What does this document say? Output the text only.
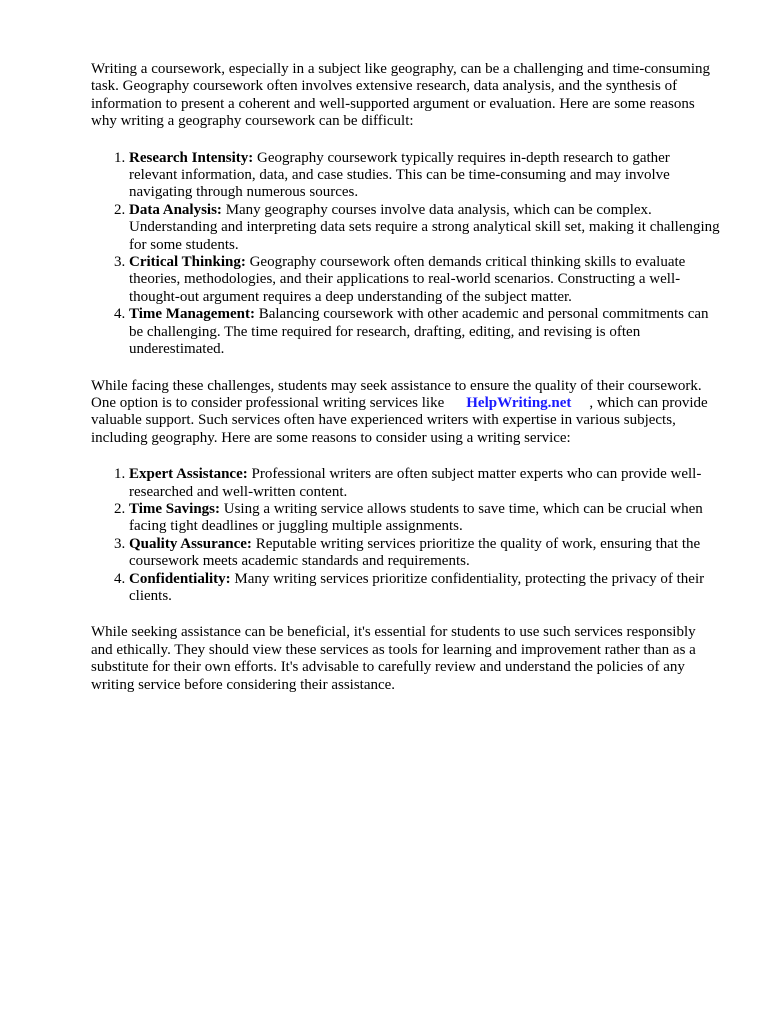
Writing a coursework, especially in a subject like geography, can be a challenging and time-consuming task. Geography coursework often involves extensive research, data analysis, and the synthesis of information to present a coherent and well-supported argument or evaluation. Here are some reasons why writing a geography coursework can be difficult:

1. Research Intensity: Geography coursework typically requires in-depth research to gather relevant information, data, and case studies. This can be time-consuming and may involve navigating through numerous sources.
2. Data Analysis: Many geography courses involve data analysis, which can be complex. Understanding and interpreting data sets require a strong analytical skill set, making it challenging for some students.
3. Critical Thinking: Geography coursework often demands critical thinking skills to evaluate theories, methodologies, and their applications to real-world scenarios. Constructing a well-thought-out argument requires a deep understanding of the subject matter.
4. Time Management: Balancing coursework with other academic and personal commitments can be challenging. The time required for research, drafting, editing, and revising is often underestimated.

While facing these challenges, students may seek assistance to ensure the quality of their coursework. One option is to consider professional writing services like HelpWriting.net , which can provide valuable support. Such services often have experienced writers with expertise in various subjects, including geography. Here are some reasons to consider using a writing service:

1. Expert Assistance: Professional writers are often subject matter experts who can provide well-researched and well-written content.
2. Time Savings: Using a writing service allows students to save time, which can be crucial when facing tight deadlines or juggling multiple assignments.
3. Quality Assurance: Reputable writing services prioritize the quality of work, ensuring that the coursework meets academic standards and requirements.
4. Confidentiality: Many writing services prioritize confidentiality, protecting the privacy of their clients.

While seeking assistance can be beneficial, it's essential for students to use such services responsibly and ethically. They should view these services as tools for learning and improvement rather than as a substitute for their own efforts. It's advisable to carefully review and understand the policies of any writing service before considering their assistance.
